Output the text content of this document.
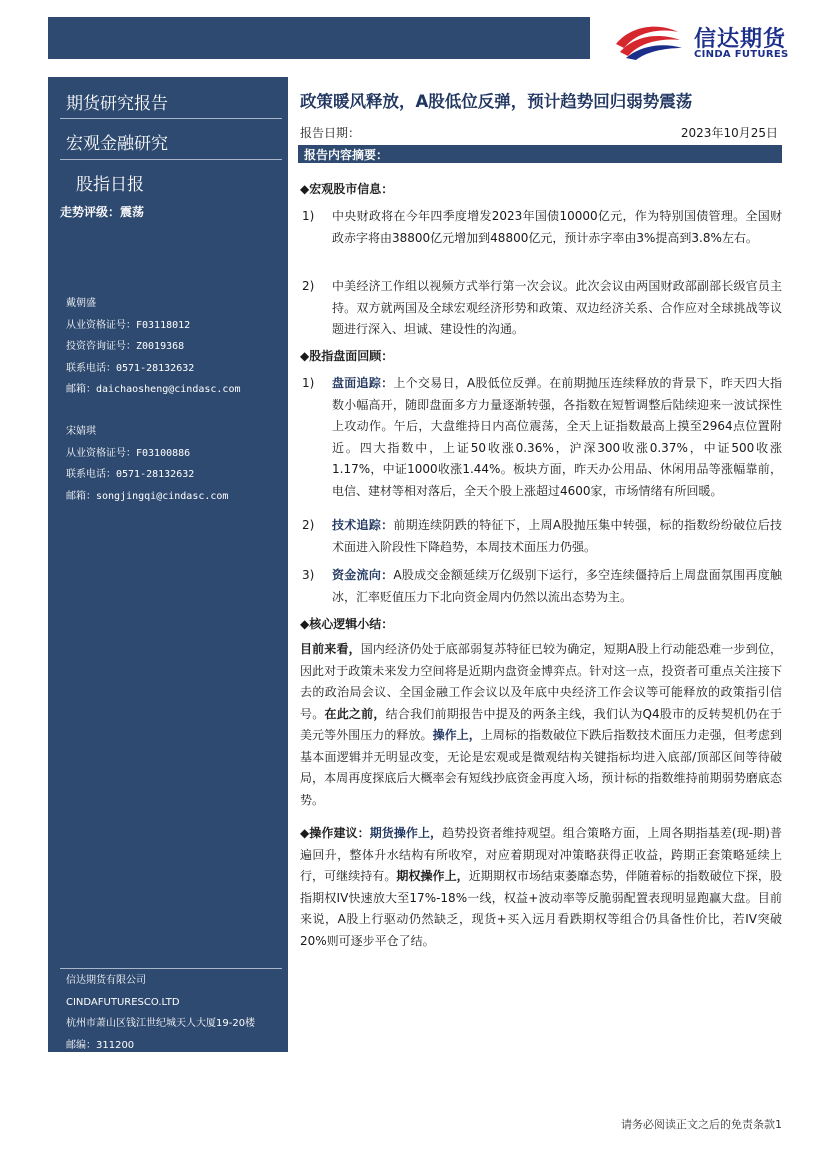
信达期货
CINDA FUTURES
期货研究报告
宏观金融研究
股指日报
走势评级：震荡
戴朝盛
从业资格证号：F03118012
投资咨询证号：Z0019368
联系电话：0571-28132632
邮箱：daichaosheng@cindasc.com
宋婧琪
从业资格证号：F03100886
联系电话：0571-28132632
邮箱：songjingqi@cindasc.com
信达期货有限公司
CINDAFUTURESCO.LTD
杭州市萧山区钱江世纪城天人大厦19-20楼
邮编：311200
政策暖风释放，A股低位反弹，预计趋势回归弱势震荡
报告日期：	2023年10月25日
报告内容摘要：
◆宏观股市信息：
1) 中央财政将在今年四季度增发2023年国债10000亿元，作为特别国债管理。全国财政赤字将由38800亿元增加到48800亿元，预计赤字率由3%提高到3.8%左右。
2) 中美经济工作组以视频方式举行第一次会议。此次会议由两国财政部副部长级官员主持。双方就两国及全球宏观经济形势和政策、双边经济关系、合作应对全球挑战等议题进行深入、坦诚、建设性的沟通。
◆股指盘面回顾：
1) 盘面追踪：上个交易日，A股低位反弹。在前期抛压连续释放的背景下，昨天四大指数小幅高开，随即盘面多方力量逐渐转强，各指数在短暂调整后陆续迎来一波试探性上攻动作。午后，大盘维持日内高位震荡，全天上证指数最高上摸至2964点位置附近。四大指数中，上证50收涨0.36%，沪深300收涨0.37%，中证500收涨1.17%，中证1000收涨1.44%。板块方面，昨天办公用品、休闲用品等涨幅靠前，电信、建材等相对落后，全天个股上涨超过4600家，市场情绪有所回暖。
2) 技术追踪：前期连续阴跌的特征下，上周A股抛压集中转强，标的指数纷纷破位后技术面进入阶段性下降趋势，本周技术面压力仍强。
3) 资金流向：A股成交金额延续万亿级别下运行，多空连续僵持后上周盘面氛围再度触冰，汇率贬值压力下北向资金周内仍然以流出态势为主。
◆核心逻辑小结：
目前来看，国内经济仍处于底部弱复苏特征已较为确定，短期A股上行动能恐难一步到位，因此对于政策未来发力空间将是近期内盘资金博弈点。针对这一点，投资者可重点关注接下去的政治局会议、全国金融工作会议以及年底中央经济工作会议等可能释放的政策指引信号。在此之前，结合我们前期报告中提及的两条主线，我们认为Q4股市的反转契机仍在于美元等外围压力的释放。操作上，上周标的指数破位下跌后指数技术面压力走强，但考虑到基本面逻辑并无明显改变，无论是宏观或是微观结构关键指标均进入底部/顶部区间等待破局，本周再度探底后大概率会有短线抄底资金再度入场，预计标的指数维持前期弱势磨底态势。
◆操作建议：期货操作上，趋势投资者维持观望。组合策略方面，上周各期指基差(现-期)普遍回升，整体升水结构有所收窄，对应着期现对冲策略获得正收益，跨期正套策略延续上行，可继续持有。期权操作上，近期期权市场结束萎靡态势，伴随着标的指数破位下探，股指期权IV快速放大至17%-18%一线，权益+波动率等反脆弱配置表现明显跑赢大盘。目前来说，A股上行驱动仍然缺乏，现货+买入远月看跌期权等组合仍具备性价比，若IV突破20%则可逐步平仓了结。
请务必阅读正文之后的免责条款1
